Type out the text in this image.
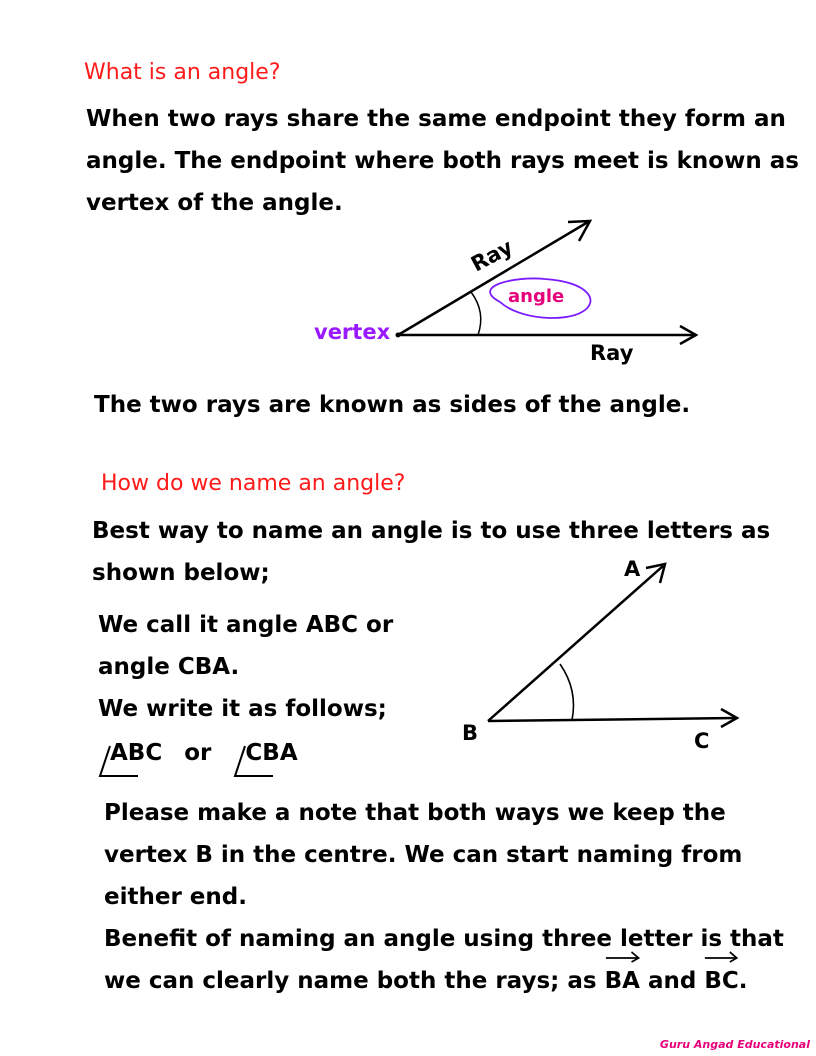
What is an angle?
When two rays share the same endpoint they form an
angle. The endpoint where both rays meet is known as
vertex of the angle.
angle
Ray
Ray
vertex
The two rays are known as sides of the angle.
How do we name an angle?
Best way to name an angle is to use three letters as
shown below;
We call it angle ABC or
angle CBA.
We write it as follows;
ABC or CBA
A
B	C
Please make a note that both ways we keep the
vertex B in the centre. We can start naming from
either end.
Benefit of naming an angle using three letter is that
we can clearly name both the rays; as BA and BC.
Guru Angad Educational
